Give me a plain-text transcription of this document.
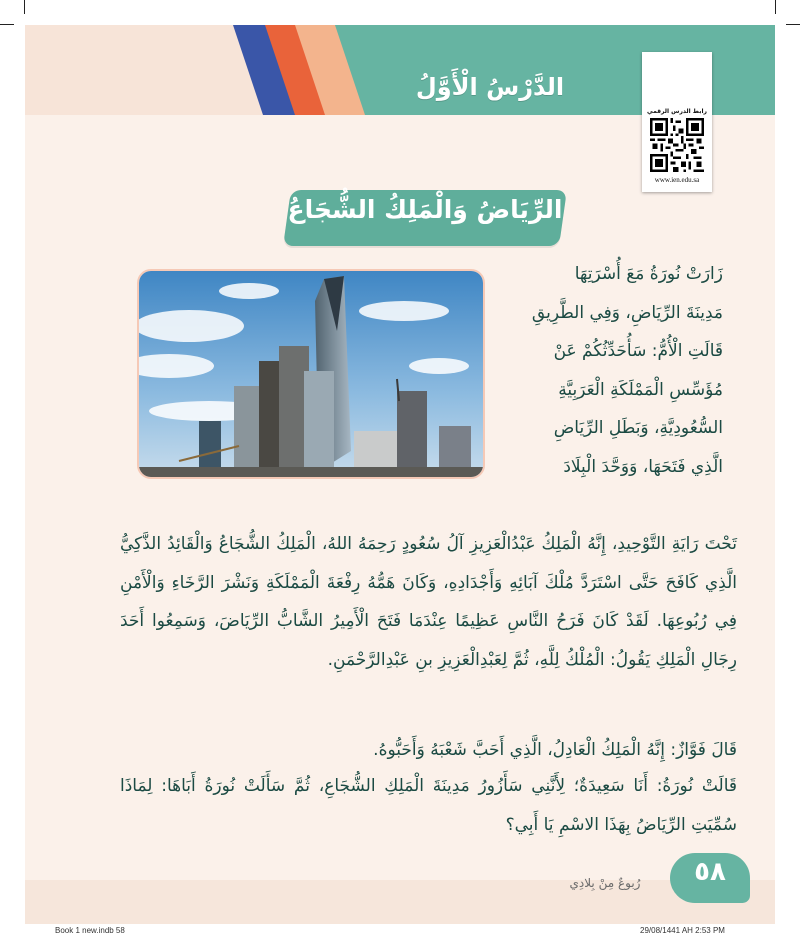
الدَّرْسُ الْأَوَّلُ
رابط الدرس الرقمي
www.ien.edu.sa
الرِّيَاضُ وَالْمَلِكُ الشُّجَاعُ
زَارَتْ نُورَةُ مَعَ أُسْرَتِهَا
مَدِينَةَ الرِّيَاضِ، وَفِي الطَّرِيقِ
قَالَتِ الْأُمُّ: سَأُحَدِّثُكُمْ عَنْ
مُؤَسِّسِ الْمَمْلَكَةِ الْعَرَبِيَّةِ
السُّعُودِيَّةِ، وَبَطَلِ الرِّيَاضِ
الَّذِي فَتَحَهَا، وَوَحَّدَ الْبِلَادَ
تَحْتَ رَايَةِ التَّوْحِيدِ، إِنَّهُ الْمَلِكُ عَبْدُالْعَزِيزِ آلُ سُعُودٍ رَحِمَهُ اللهُ، الْمَلِكُ الشُّجَاعُ وَالْقَائِدُ الذَّكِيُّ الَّذِي كَافَحَ حَتَّى اسْتَرَدَّ مُلْكَ آبَائِهِ وَأَجْدَادِهِ، وَكَانَ هَمُّهُ رِفْعَةَ الْمَمْلَكَةِ وَنَشْرَ الرَّخَاءِ وَالْأَمْنِ فِي رُبُوعِهَا. لَقَدْ كَانَ فَرَحُ النَّاسِ عَظِيمًا عِنْدَمَا فَتَحَ الْأَمِيرُ الشَّابُّ الرِّيَاضَ، وَسَمِعُوا أَحَدَ رِجَالِ الْمَلِكِ يَقُولُ: الْمُلْكُ لِلَّهِ، ثُمَّ لِعَبْدِالْعَزِيزِ بنِ عَبْدِالرَّحْمَنِ.
قَالَ فَوَّازٌ: إِنَّهُ الْمَلِكُ الْعَادِلُ، الَّذِي أَحَبَّ شَعْبَهُ وَأَحَبُّوهُ.
قَالَتْ نُورَةُ: أَنَا سَعِيدَةٌ؛ لِأَنَّنِي سَأَزُورُ مَدِينَةَ الْمَلِكِ الشُّجَاعِ، ثُمَّ سَأَلَتْ نُورَةُ أَبَاهَا: لِمَاذَا سُمِّيَتِ الرِّيَاضُ بِهَذَا الاسْمِ يَا أَبِي؟
٥٨
رُبوعٌ مِنْ بِلادِي
Book 1 new.indb 58	29/08/1441 AH 2:53 PM
